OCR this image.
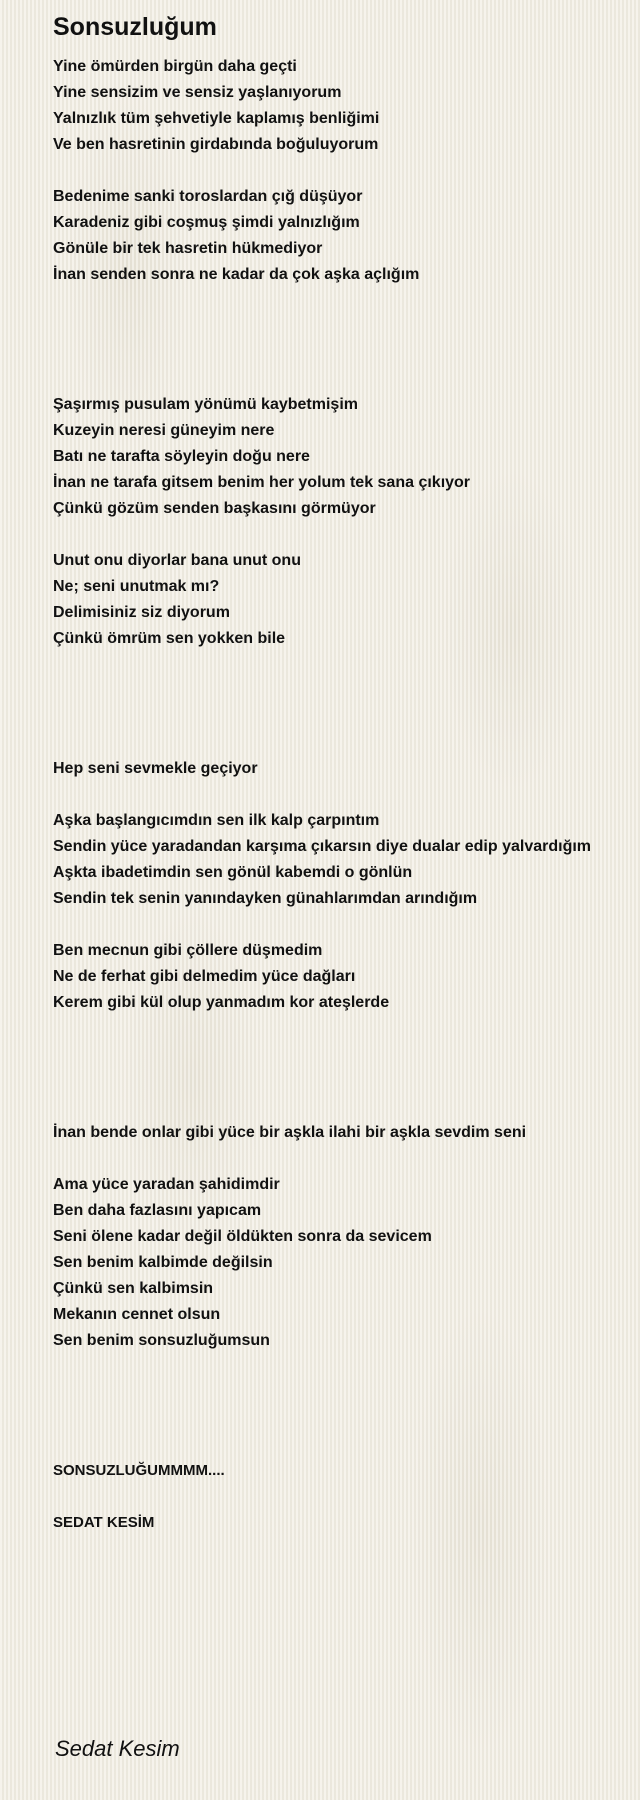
Sonsuzluğum
Yine ömürden birgün daha geçti
Yine sensizim ve sensiz yaşlanıyorum
Yalnızlık tüm şehvetiyle kaplamış benliğimi
Ve ben hasretinin girdabında boğuluyorum
Bedenime sanki toroslardan çığ düşüyor
Karadeniz gibi coşmuş şimdi yalnızlığım
Gönüle bir tek hasretin hükmediyor
İnan senden sonra ne kadar da çok aşka açlığım
Şaşırmış pusulam yönümü kaybetmişim
Kuzeyin neresi güneyim nere
Batı ne tarafta söyleyin doğu nere
İnan ne tarafa gitsem benim her yolum tek sana çıkıyor
Çünkü gözüm senden başkasını görmüyor
Unut onu diyorlar bana unut onu
Ne; seni unutmak mı?
Delimisiniz siz diyorum
Çünkü ömrüm sen yokken bile
Hep seni sevmekle geçiyor
Aşka başlangıcımdın sen ilk kalp çarpıntım
Sendin yüce yaradandan karşıma çıkarsın diye dualar edip yalvardığım
Aşkta ibadetimdin sen gönül kabemdi o gönlün
Sendin tek senin yanındayken günahlarımdan arındığım
Ben mecnun gibi çöllere düşmedim
Ne de ferhat gibi delmedim yüce dağları
Kerem gibi kül olup yanmadım kor ateşlerde
İnan bende onlar gibi yüce bir aşkla ilahi bir aşkla sevdim seni
Ama yüce yaradan şahidimdir
Ben daha fazlasını yapıcam
Seni ölene kadar değil öldükten sonra da sevicem
Sen benim kalbimde değilsin
Çünkü sen kalbimsin
Mekanın cennet olsun
Sen benim sonsuzluğumsun
SONSUZLUĞUMMMM....
SEDAT KESİM
Sedat Kesim
